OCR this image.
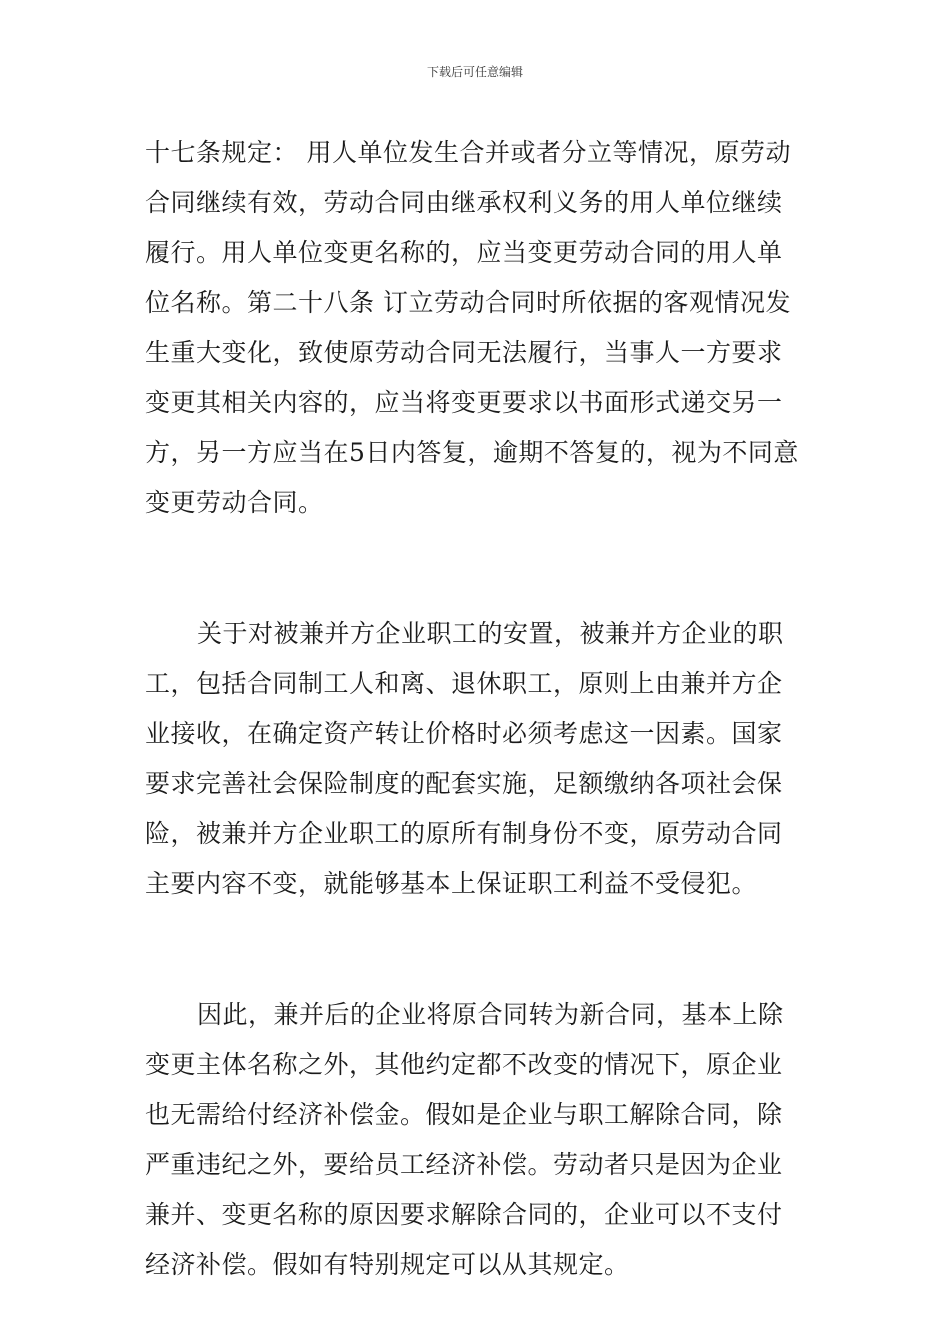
下载后可任意编辑
十七条规定： 用人单位发生合并或者分立等情况，原劳动
合同继续有效，劳动合同由继承权利义务的用人单位继续
履行。用人单位变更名称的，应当变更劳动合同的用人单
位名称。第二十八条 订立劳动合同时所依据的客观情况发
生重大变化，致使原劳动合同无法履行，当事人一方要求
变更其相关内容的，应当将变更要求以书面形式递交另一
方，另一方应当在5日内答复，逾期不答复的，视为不同意
变更劳动合同。
关于对被兼并方企业职工的安置，被兼并方企业的职
工，包括合同制工人和离、退休职工，原则上由兼并方企
业接收，在确定资产转让价格时必须考虑这一因素。国家
要求完善社会保险制度的配套实施，足额缴纳各项社会保
险，被兼并方企业职工的原所有制身份不变，原劳动合同
主要内容不变，就能够基本上保证职工利益不受侵犯。
因此，兼并后的企业将原合同转为新合同，基本上除
变更主体名称之外，其他约定都不改变的情况下，原企业
也无需给付经济补偿金。假如是企业与职工解除合同，除
严重违纪之外，要给员工经济补偿。劳动者只是因为企业
兼并、变更名称的原因要求解除合同的，企业可以不支付
经济补偿。假如有特别规定可以从其规定。
